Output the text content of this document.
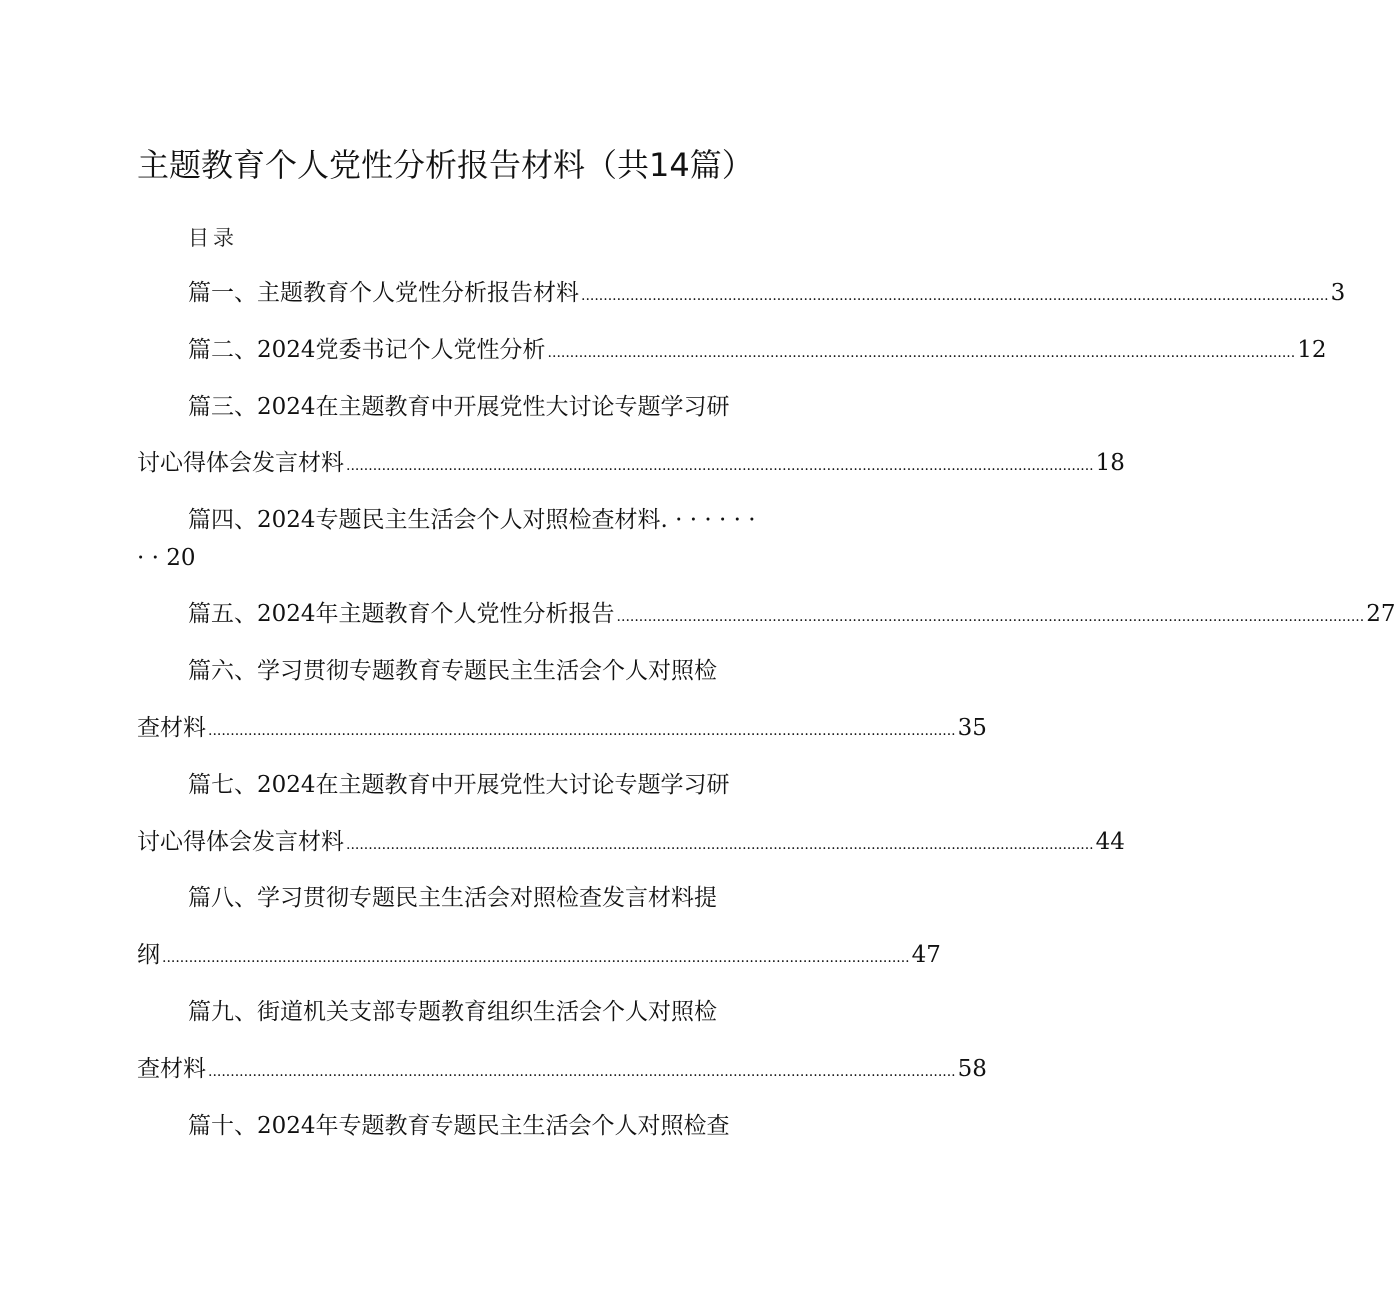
主题教育个人党性分析报告材料（共14篇）
目录
篇一、主题教育个人党性分析报告材料 ........................................................................................................................................................................ 3
篇二、2024党委书记个人党性分析 ........................................................................................................................................................................ 12
篇三、2024在主题教育中开展党性大讨论专题学习研
讨心得体会发言材料 ........................................................................................................................................................................ 18
篇四、2024专题民主生活会个人对照检查材料. · · · · · ·
· · 20
篇五、2024年主题教育个人党性分析报告 ........................................................................................................................................................................ 27
篇六、学习贯彻专题教育专题民主生活会个人对照检
查材料 ........................................................................................................................................................................ 35
篇七、2024在主题教育中开展党性大讨论专题学习研
讨心得体会发言材料 ........................................................................................................................................................................ 44
篇八、学习贯彻专题民主生活会对照检查发言材料提
纲 ........................................................................................................................................................................ 47
篇九、街道机关支部专题教育组织生活会个人对照检
查材料 ........................................................................................................................................................................ 58
篇十、2024年专题教育专题民主生活会个人对照检查
